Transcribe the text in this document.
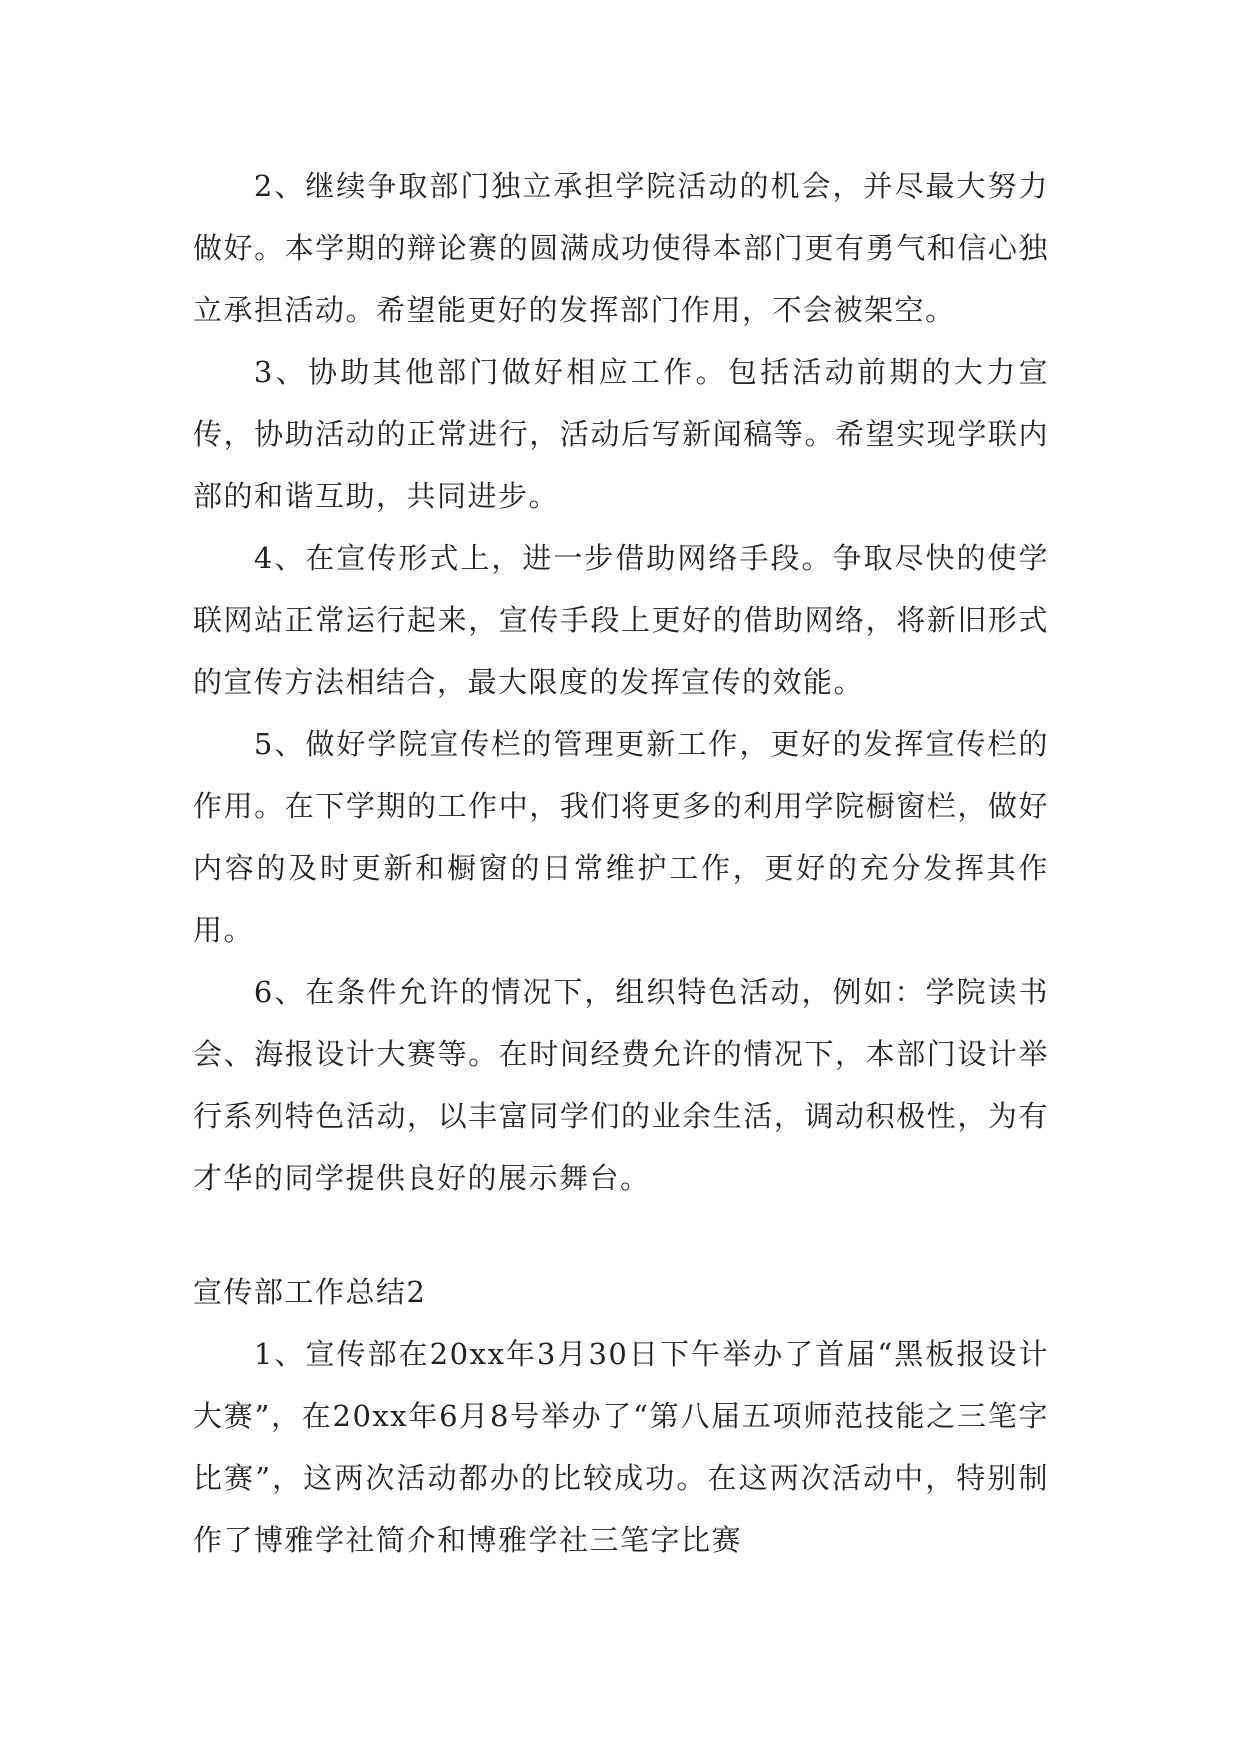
2、继续争取部门独立承担学院活动的机会，并尽最大努力做好。本学期的辩论赛的圆满成功使得本部门更有勇气和信心独立承担活动。希望能更好的发挥部门作用，不会被架空。

3、协助其他部门做好相应工作。包括活动前期的大力宣传，协助活动的正常进行，活动后写新闻稿等。希望实现学联内部的和谐互助，共同进步。

4、在宣传形式上，进一步借助网络手段。争取尽快的使学联网站正常运行起来，宣传手段上更好的借助网络，将新旧形式的宣传方法相结合，最大限度的发挥宣传的效能。

5、做好学院宣传栏的管理更新工作，更好的发挥宣传栏的作用。在下学期的工作中，我们将更多的利用学院橱窗栏，做好内容的及时更新和橱窗的日常维护工作，更好的充分发挥其作用。

6、在条件允许的情况下，组织特色活动，例如：学院读书会、海报设计大赛等。在时间经费允许的情况下，本部门设计举行系列特色活动，以丰富同学们的业余生活，调动积极性，为有才华的同学提供良好的展示舞台。

宣传部工作总结2

1、宣传部在20xx年3月30日下午举办了首届“黑板报设计大赛”，在20xx年6月8号举办了“第八届五项师范技能之三笔字比赛”，这两次活动都办的比较成功。在这两次活动中，特别制作了博雅学社简介和博雅学社三笔字比赛
